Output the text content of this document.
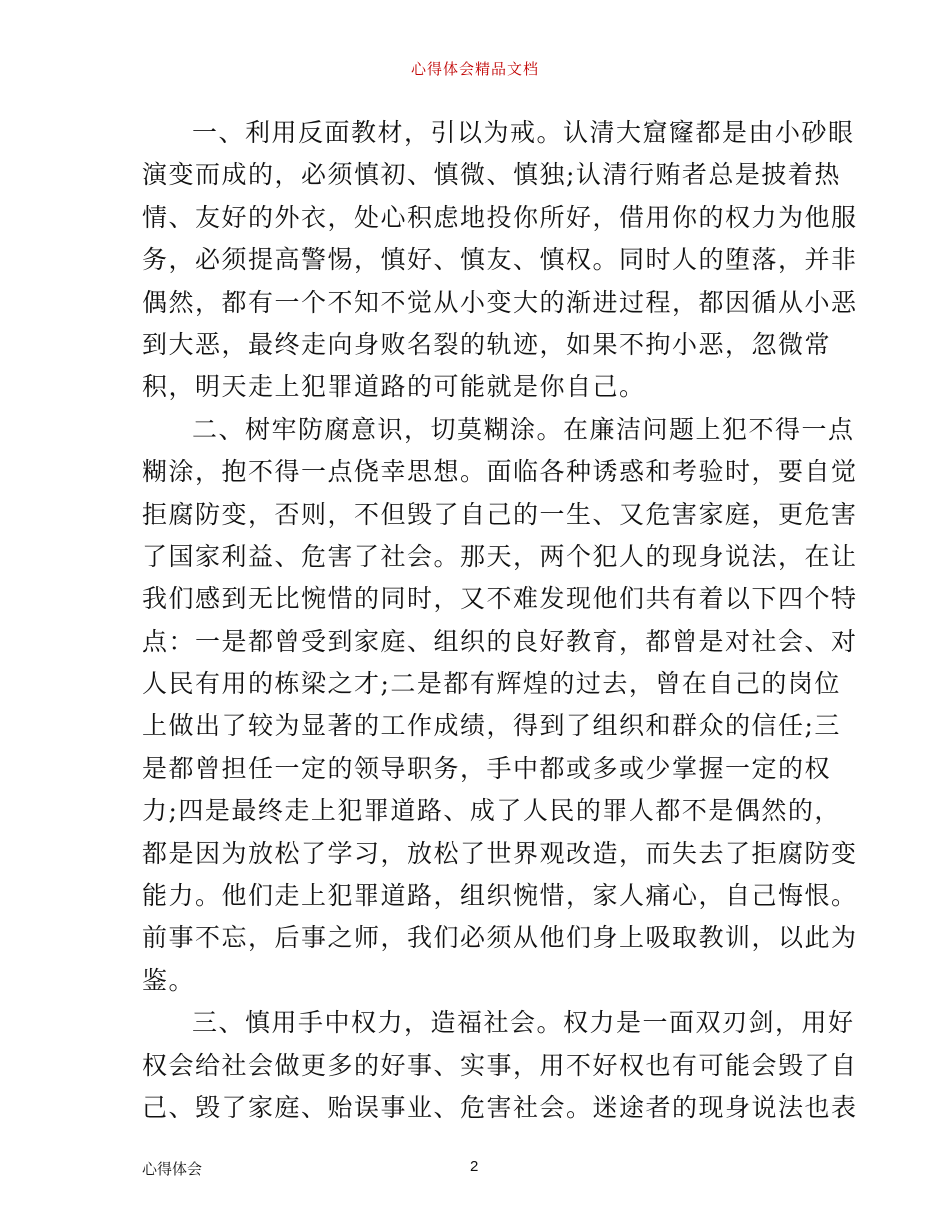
心得体会精品文档
一、利用反面教材，引以为戒。认清大窟窿都是由小砂眼
演变而成的，必须慎初、慎微、慎独;认清行贿者总是披着热
情、友好的外衣，处心积虑地投你所好，借用你的权力为他服
务，必须提高警惕，慎好、慎友、慎权。同时人的堕落，并非
偶然，都有一个不知不觉从小变大的渐进过程，都因循从小恶
到大恶，最终走向身败名裂的轨迹，如果不拘小恶，忽微常
积，明天走上犯罪道路的可能就是你自己。
二、树牢防腐意识，切莫糊涂。在廉洁问题上犯不得一点
糊涂，抱不得一点侥幸思想。面临各种诱惑和考验时，要自觉
拒腐防变，否则，不但毁了自己的一生、又危害家庭，更危害
了国家利益、危害了社会。那天，两个犯人的现身说法，在让
我们感到无比惋惜的同时，又不难发现他们共有着以下四个特
点：一是都曾受到家庭、组织的良好教育，都曾是对社会、对
人民有用的栋梁之才;二是都有辉煌的过去，曾在自己的岗位
上做出了较为显著的工作成绩，得到了组织和群众的信任;三
是都曾担任一定的领导职务，手中都或多或少掌握一定的权
力;四是最终走上犯罪道路、成了人民的罪人都不是偶然的，
都是因为放松了学习，放松了世界观改造，而失去了拒腐防变
能力。他们走上犯罪道路，组织惋惜，家人痛心，自己悔恨。
前事不忘，后事之师，我们必须从他们身上吸取教训，以此为
鉴。
三、慎用手中权力，造福社会。权力是一面双刃剑，用好
权会给社会做更多的好事、实事，用不好权也有可能会毁了自
己、毁了家庭、贻误事业、危害社会。迷途者的现身说法也表
心得体会	2
